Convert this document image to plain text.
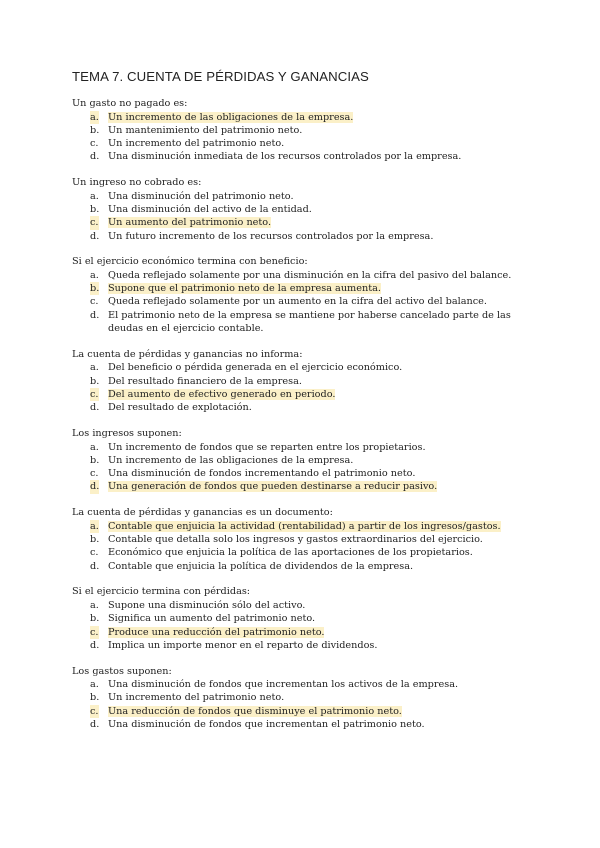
TEMA 7. CUENTA DE PÉRDIDAS Y GANANCIAS
Un gasto no pagado es:
a. Un incremento de las obligaciones de la empresa.
b. Un mantenimiento del patrimonio neto.
c. Un incremento del patrimonio neto.
d. Una disminución inmediata de los recursos controlados por la empresa.
Un ingreso no cobrado es:
a. Una disminución del patrimonio neto.
b. Una disminución del activo de la entidad.
c. Un aumento del patrimonio neto.
d. Un futuro incremento de los recursos controlados por la empresa.
Si el ejercicio económico termina con beneficio:
a. Queda reflejado solamente por una disminución en la cifra del pasivo del balance.
b. Supone que el patrimonio neto de la empresa aumenta.
c. Queda reflejado solamente por un aumento en la cifra del activo del balance.
d. El patrimonio neto de la empresa se mantiene por haberse cancelado parte de las deudas en el ejercicio contable.
La cuenta de pérdidas y ganancias no informa:
a. Del beneficio o pérdida generada en el ejercicio económico.
b. Del resultado financiero de la empresa.
c. Del aumento de efectivo generado en periodo.
d. Del resultado de explotación.
Los ingresos suponen:
a. Un incremento de fondos que se reparten entre los propietarios.
b. Un incremento de las obligaciones de la empresa.
c. Una disminución de fondos incrementando el patrimonio neto.
d. Una generación de fondos que pueden destinarse a reducir pasivo.
La cuenta de pérdidas y ganancias es un documento:
a. Contable que enjuicia la actividad (rentabilidad) a partir de los ingresos/gastos.
b. Contable que detalla solo los ingresos y gastos extraordinarios del ejercicio.
c. Económico que enjuicia la política de las aportaciones de los propietarios.
d. Contable que enjuicia la política de dividendos de la empresa.
Si el ejercicio termina con pérdidas:
a. Supone una disminución sólo del activo.
b. Significa un aumento del patrimonio neto.
c. Produce una reducción del patrimonio neto.
d. Implica un importe menor en el reparto de dividendos.
Los gastos suponen:
a. Una disminución de fondos que incrementan los activos de la empresa.
b. Un incremento del patrimonio neto.
c. Una reducción de fondos que disminuye el patrimonio neto.
d. Una disminución de fondos que incrementan el patrimonio neto.
